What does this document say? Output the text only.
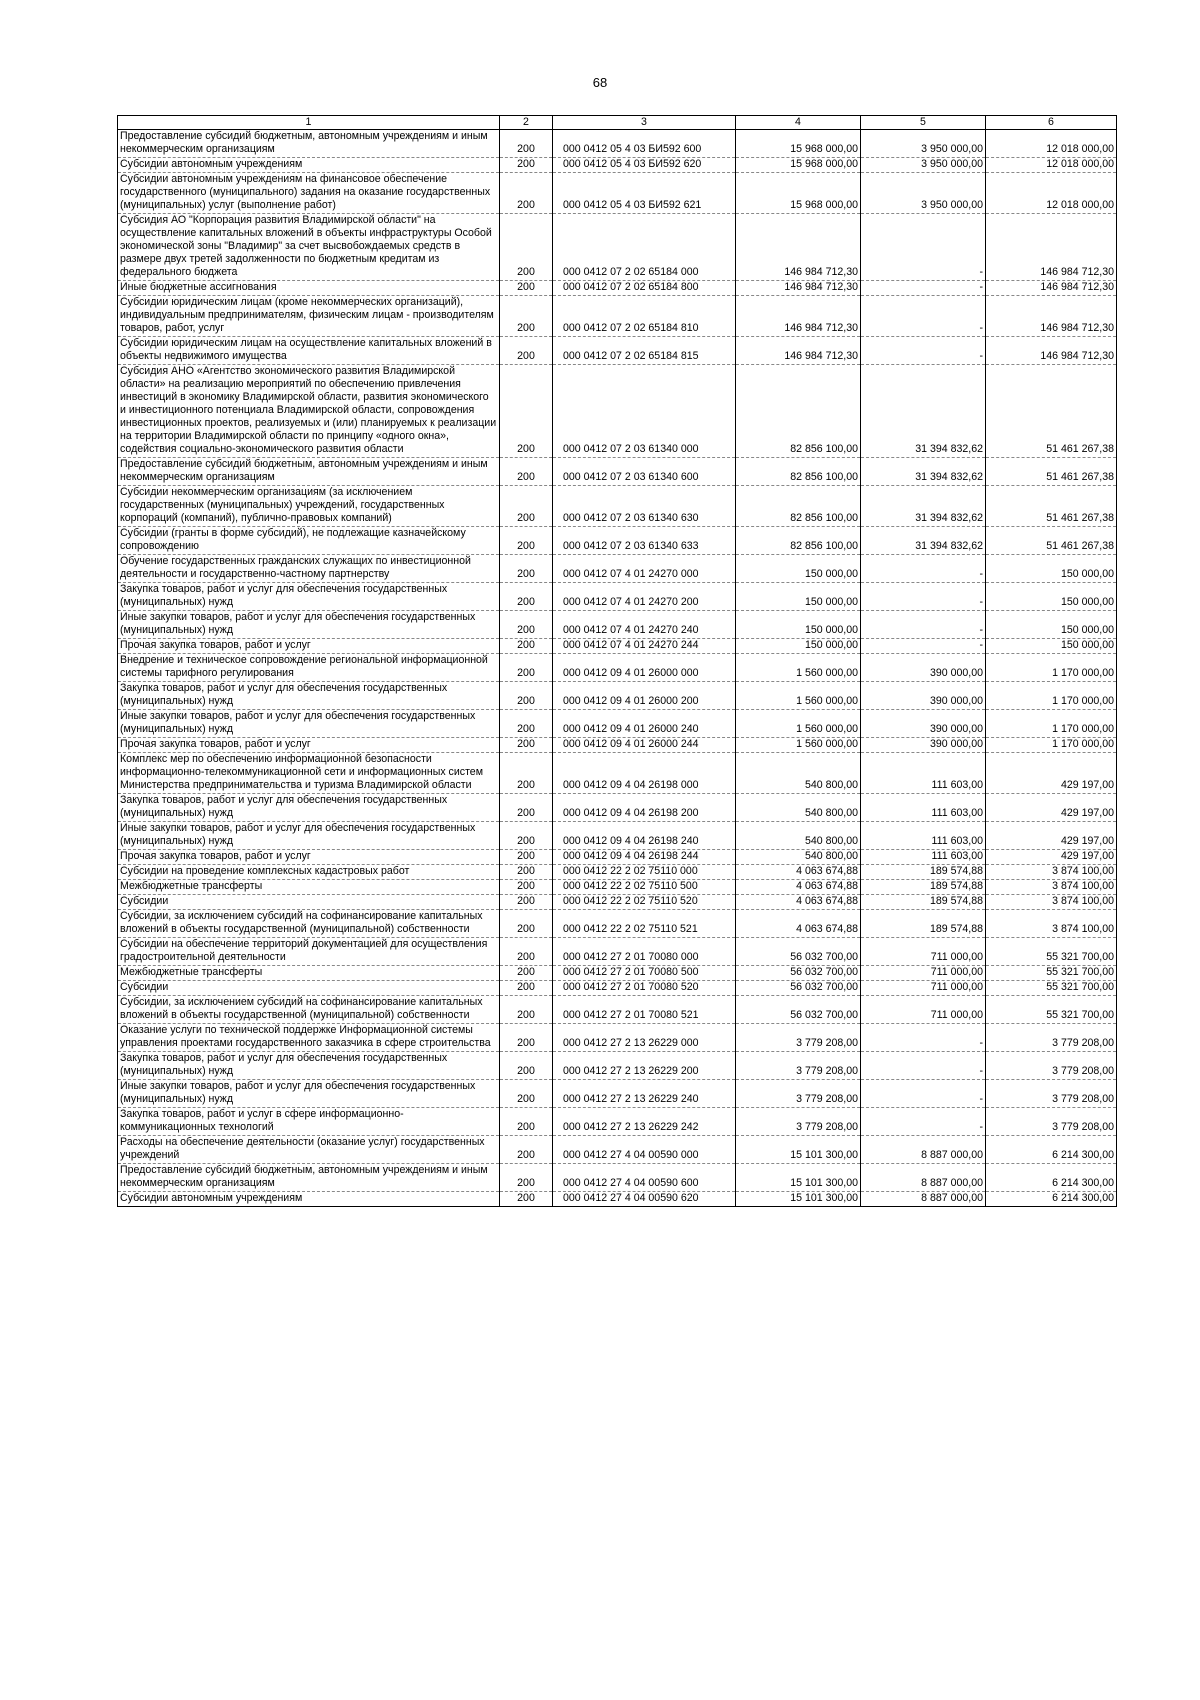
68
1	2	3	4	5	6
Предоставление субсидий бюджетным, автономным учреждениям и иным некоммерческим организациям	200	000 0412 05 4 03 БИ592 600	15 968 000,00	3 950 000,00	12 018 000,00
Субсидии автономным учреждениям	200	000 0412 05 4 03 БИ592 620	15 968 000,00	3 950 000,00	12 018 000,00
Субсидии автономным учреждениям на финансовое обеспечение государственного (муниципального) задания на оказание государственных (муниципальных) услуг (выполнение работ)	200	000 0412 05 4 03 БИ592 621	15 968 000,00	3 950 000,00	12 018 000,00
Субсидия АО "Корпорация развития Владимирской области" на осуществление капитальных вложений в объекты инфраструктуры Особой экономической зоны "Владимир" за счет высвобождаемых средств в размере двух третей задолженности по бюджетным кредитам из федерального бюджета	200	000 0412 07 2 02 65184 000	146 984 712,30	-	146 984 712,30
Иные бюджетные ассигнования	200	000 0412 07 2 02 65184 800	146 984 712,30	-	146 984 712,30
Субсидии юридическим лицам (кроме некоммерческих организаций), индивидуальным предпринимателям, физическим лицам - производителям товаров, работ, услуг	200	000 0412 07 2 02 65184 810	146 984 712,30	-	146 984 712,30
Субсидии юридическим лицам на осуществление капитальных вложений в объекты недвижимого имущества	200	000 0412 07 2 02 65184 815	146 984 712,30	-	146 984 712,30
Субсидия АНО «Агентство экономического развития Владимирской области» на реализацию мероприятий по обеспечению привлечения инвестиций в экономику Владимирской области, развития экономического и инвестиционного потенциала Владимирской области, сопровождения инвестиционных проектов, реализуемых и (или) планируемых к реализации на территории Владимирской области по принципу «одного окна», содействия социально-экономического развития области	200	000 0412 07 2 03 61340 000	82 856 100,00	31 394 832,62	51 461 267,38
Предоставление субсидий бюджетным, автономным учреждениям и иным некоммерческим организациям	200	000 0412 07 2 03 61340 600	82 856 100,00	31 394 832,62	51 461 267,38
Субсидии некоммерческим организациям (за исключением государственных (муниципальных) учреждений, государственных корпораций (компаний), публично-правовых компаний)	200	000 0412 07 2 03 61340 630	82 856 100,00	31 394 832,62	51 461 267,38
Субсидии (гранты в форме субсидий), не подлежащие казначейскому сопровождению	200	000 0412 07 2 03 61340 633	82 856 100,00	31 394 832,62	51 461 267,38
Обучение государственных гражданских служащих по инвестиционной деятельности и государственно-частному партнерству	200	000 0412 07 4 01 24270 000	150 000,00	-	150 000,00
Закупка товаров, работ и услуг для обеспечения государственных (муниципальных) нужд	200	000 0412 07 4 01 24270 200	150 000,00	-	150 000,00
Иные закупки товаров, работ и услуг для обеспечения государственных (муниципальных) нужд	200	000 0412 07 4 01 24270 240	150 000,00	-	150 000,00
Прочая закупка товаров, работ и услуг	200	000 0412 07 4 01 24270 244	150 000,00	-	150 000,00
Внедрение и техническое сопровождение региональной информационной системы тарифного регулирования	200	000 0412 09 4 01 26000 000	1 560 000,00	390 000,00	1 170 000,00
Закупка товаров, работ и услуг для обеспечения государственных (муниципальных) нужд	200	000 0412 09 4 01 26000 200	1 560 000,00	390 000,00	1 170 000,00
Иные закупки товаров, работ и услуг для обеспечения государственных (муниципальных) нужд	200	000 0412 09 4 01 26000 240	1 560 000,00	390 000,00	1 170 000,00
Прочая закупка товаров, работ и услуг	200	000 0412 09 4 01 26000 244	1 560 000,00	390 000,00	1 170 000,00
Комплекс мер по обеспечению информационной безопасности информационно-телекоммуникационной сети и информационных систем Министерства предпринимательства и туризма Владимирской области	200	000 0412 09 4 04 26198 000	540 800,00	111 603,00	429 197,00
Закупка товаров, работ и услуг для обеспечения государственных (муниципальных) нужд	200	000 0412 09 4 04 26198 200	540 800,00	111 603,00	429 197,00
Иные закупки товаров, работ и услуг для обеспечения государственных (муниципальных) нужд	200	000 0412 09 4 04 26198 240	540 800,00	111 603,00	429 197,00
Прочая закупка товаров, работ и услуг	200	000 0412 09 4 04 26198 244	540 800,00	111 603,00	429 197,00
Субсидии на проведение комплексных кадастровых работ	200	000 0412 22 2 02 75110 000	4 063 674,88	189 574,88	3 874 100,00
Межбюджетные трансферты	200	000 0412 22 2 02 75110 500	4 063 674,88	189 574,88	3 874 100,00
Субсидии	200	000 0412 22 2 02 75110 520	4 063 674,88	189 574,88	3 874 100,00
Субсидии, за исключением субсидий на софинансирование капитальных вложений в объекты государственной (муниципальной) собственности	200	000 0412 22 2 02 75110 521	4 063 674,88	189 574,88	3 874 100,00
Субсидии на обеспечение территорий документацией для осуществления градостроительной деятельности	200	000 0412 27 2 01 70080 000	56 032 700,00	711 000,00	55 321 700,00
Межбюджетные трансферты	200	000 0412 27 2 01 70080 500	56 032 700,00	711 000,00	55 321 700,00
Субсидии	200	000 0412 27 2 01 70080 520	56 032 700,00	711 000,00	55 321 700,00
Субсидии, за исключением субсидий на софинансирование капитальных вложений в объекты государственной (муниципальной) собственности	200	000 0412 27 2 01 70080 521	56 032 700,00	711 000,00	55 321 700,00
Оказание услуги по технической поддержке Информационной системы управления проектами государственного заказчика в сфере строительства	200	000 0412 27 2 13 26229 000	3 779 208,00	-	3 779 208,00
Закупка товаров, работ и услуг для обеспечения государственных (муниципальных) нужд	200	000 0412 27 2 13 26229 200	3 779 208,00	-	3 779 208,00
Иные закупки товаров, работ и услуг для обеспечения государственных (муниципальных) нужд	200	000 0412 27 2 13 26229 240	3 779 208,00	-	3 779 208,00
Закупка товаров, работ и услуг в сфере информационно-коммуникационных технологий	200	000 0412 27 2 13 26229 242	3 779 208,00	-	3 779 208,00
Расходы на обеспечение деятельности (оказание услуг) государственных учреждений	200	000 0412 27 4 04 00590 000	15 101 300,00	8 887 000,00	6 214 300,00
Предоставление субсидий бюджетным, автономным учреждениям и иным некоммерческим организациям	200	000 0412 27 4 04 00590 600	15 101 300,00	8 887 000,00	6 214 300,00
Субсидии автономным учреждениям	200	000 0412 27 4 04 00590 620	15 101 300,00	8 887 000,00	6 214 300,00
